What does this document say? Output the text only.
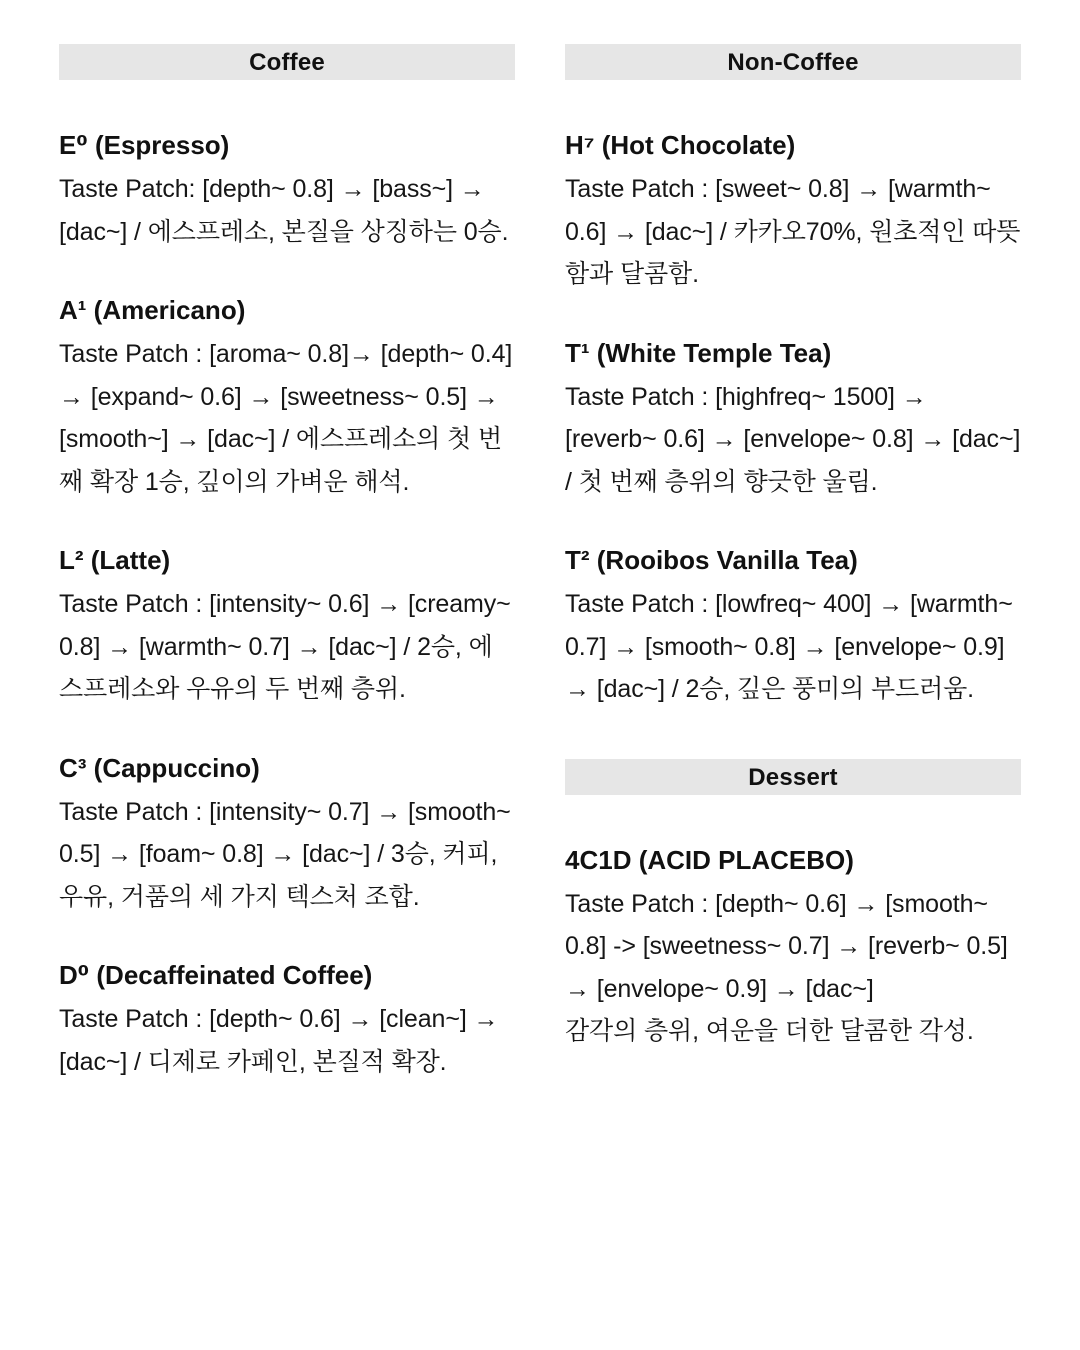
Coffee
E⁰ (Espresso)
Taste Patch: [depth~ 0.8] → [bass~] → [dac~] / 에스프레소, 본질을 상징하는 0승.
A¹ (Americano)
Taste Patch : [aroma~ 0.8]→ [depth~ 0.4] → [expand~ 0.6] → [sweetness~ 0.5] → [smooth~] → [dac~] / 에스프레소의 첫 번째 확장 1승, 깊이의 가벼운 해석.
L² (Latte)
Taste Patch : [intensity~ 0.6] → [creamy~ 0.8] → [warmth~ 0.7] → [dac~] / 2승, 에스프레소와 우유의 두 번째 층위.
C³ (Cappuccino)
Taste Patch : [intensity~ 0.7] → [smooth~ 0.5] → [foam~ 0.8] → [dac~] / 3승, 커피, 우유, 거품의 세 가지 텍스처 조합.
D⁰ (Decaffeinated Coffee)
Taste Patch : [depth~ 0.6] → [clean~] → [dac~] / 디제로 카페인, 본질적 확장.
Non-Coffee
H⁷ (Hot Chocolate)
Taste Patch : [sweet~ 0.8] → [warmth~ 0.6] → [dac~] / 카카오70%, 원초적인 따뜻함과 달콤함.
T¹ (White Temple Tea)
Taste Patch : [highfreq~ 1500] → [reverb~ 0.6] → [envelope~ 0.8] → [dac~] / 첫 번째 층위의 향긋한 울림.
T² (Rooibos Vanilla Tea)
Taste Patch : [lowfreq~ 400] → [warmth~ 0.7] → [smooth~ 0.8] → [envelope~ 0.9] → [dac~] / 2승, 깊은 풍미의 부드러움.
Dessert
4C1D (ACID PLACEBO)
Taste Patch : [depth~ 0.6] → [smooth~ 0.8] -> [sweetness~ 0.7] → [reverb~ 0.5] → [envelope~ 0.9] → [dac~]
감각의 층위, 여운을 더한 달콤한 각성.
